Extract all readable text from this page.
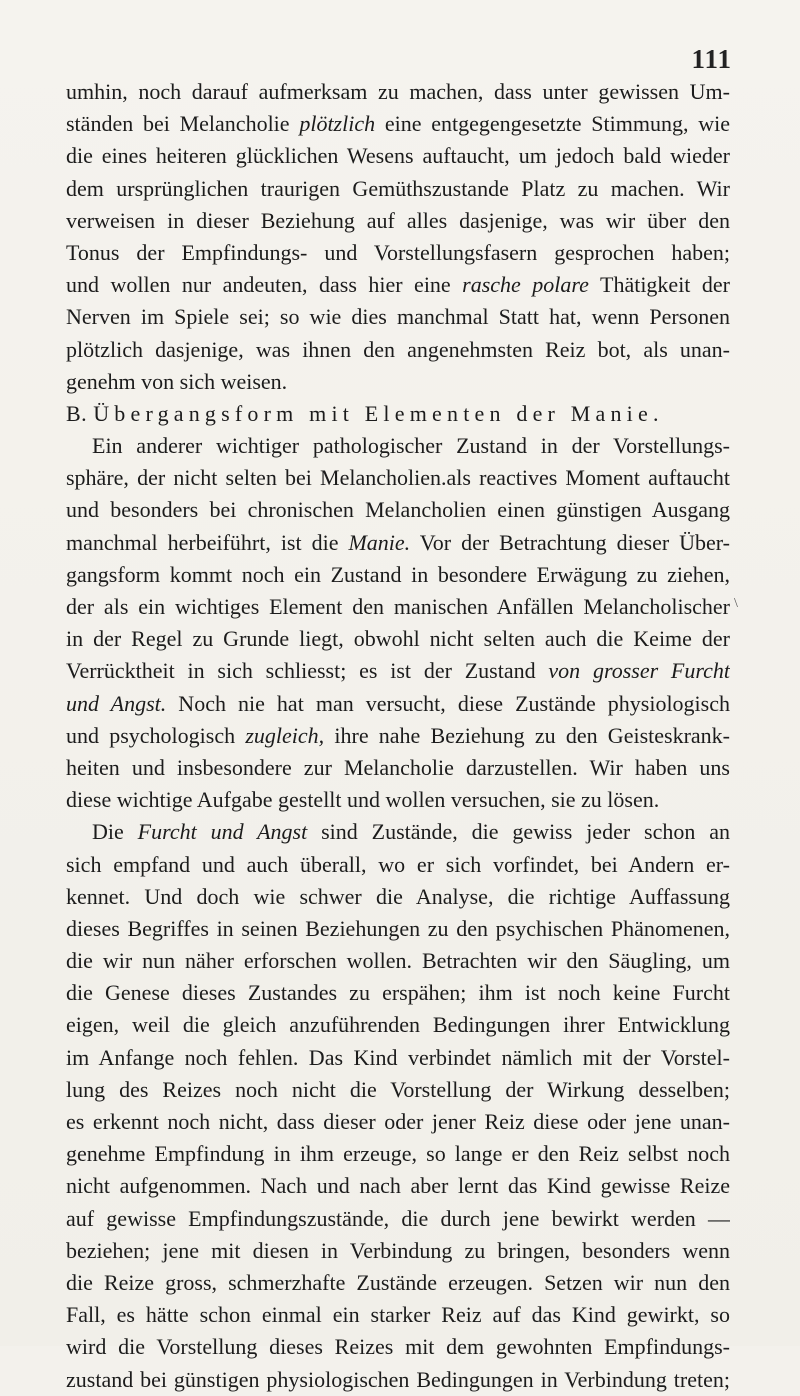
111
\
umhin, noch darauf aufmerksam zu machen, dass unter gewissen Um-
ständen bei Melancholie plötzlich eine entgegengesetzte Stimmung, wie
die eines heiteren glücklichen Wesens auftaucht, um jedoch bald wieder
dem ursprünglichen traurigen Gemüthszustande Platz zu machen. Wir
verweisen in dieser Beziehung auf alles dasjenige, was wir über den
Tonus der Empfindungs- und Vorstellungsfasern gesprochen haben;
und wollen nur andeuten, dass hier eine rasche polare Thätigkeit der
Nerven im Spiele sei; so wie dies manchmal Statt hat, wenn Personen
plötzlich dasjenige, was ihnen den angenehmsten Reiz bot, als unan-
genehm von sich weisen.
B. Übergangsform mit Elementen der Manie.
Ein anderer wichtiger pathologischer Zustand in der Vorstellungs-
sphäre, der nicht selten bei Melancholien.als reactives Moment auftaucht
und besonders bei chronischen Melancholien einen günstigen Ausgang
manchmal herbeiführt, ist die Manie. Vor der Betrachtung dieser Über-
gangsform kommt noch ein Zustand in besondere Erwägung zu ziehen,
der als ein wichtiges Element den manischen Anfällen Melancholischer
in der Regel zu Grunde liegt, obwohl nicht selten auch die Keime der
Verrücktheit in sich schliesst; es ist der Zustand von grosser Furcht
und Angst. Noch nie hat man versucht, diese Zustände physiologisch
und psychologisch zugleich, ihre nahe Beziehung zu den Geisteskrank-
heiten und insbesondere zur Melancholie darzustellen. Wir haben uns
diese wichtige Aufgabe gestellt und wollen versuchen, sie zu lösen.
Die Furcht und Angst sind Zustände, die gewiss jeder schon an
sich empfand und auch überall, wo er sich vorfindet, bei Andern er-
kennet. Und doch wie schwer die Analyse, die richtige Auffassung
dieses Begriffes in seinen Beziehungen zu den psychischen Phänomenen,
die wir nun näher erforschen wollen. Betrachten wir den Säugling, um
die Genese dieses Zustandes zu erspähen; ihm ist noch keine Furcht
eigen, weil die gleich anzuführenden Bedingungen ihrer Entwicklung
im Anfange noch fehlen. Das Kind verbindet nämlich mit der Vorstel-
lung des Reizes noch nicht die Vorstellung der Wirkung desselben;
es erkennt noch nicht, dass dieser oder jener Reiz diese oder jene unan-
genehme Empfindung in ihm erzeuge, so lange er den Reiz selbst noch
nicht aufgenommen. Nach und nach aber lernt das Kind gewisse Reize
auf gewisse Empfindungszustände, die durch jene bewirkt werden —
beziehen; jene mit diesen in Verbindung zu bringen, besonders wenn
die Reize gross, schmerzhafte Zustände erzeugen. Setzen wir nun den
Fall, es hätte schon einmal ein starker Reiz auf das Kind gewirkt, so
wird die Vorstellung dieses Reizes mit dem gewohnten Empfindungs-
zustand bei günstigen physiologischen Bedingungen in Verbindung treten;
